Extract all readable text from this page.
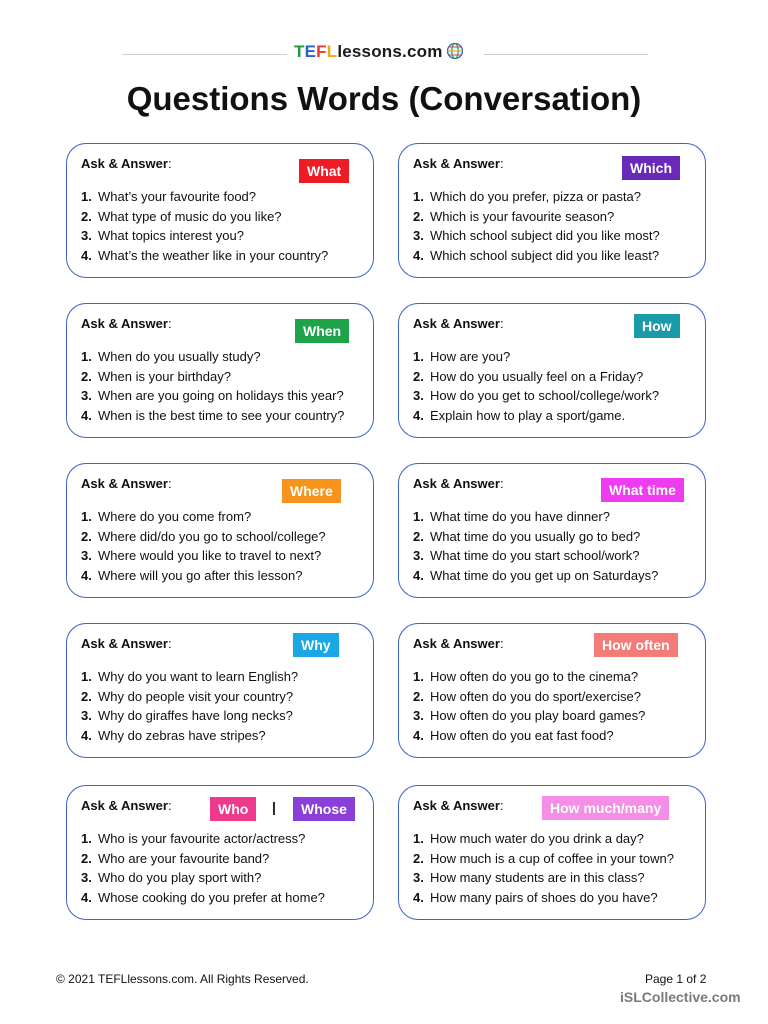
TEFLlessons.com
Questions Words (Conversation)
Ask & Answer:	What
1. What’s your favourite food?
2. What type of music do you like?
3. What topics interest you?
4. What’s the weather like in your country?
Ask & Answer:	Which
1. Which do you prefer, pizza or pasta?
2. Which is your favourite season?
3. Which school subject did you like most?
4. Which school subject did you like least?
Ask & Answer:	When
1. When do you usually study?
2. When is your birthday?
3. When are you going on holidays this year?
4. When is the best time to see your country?
Ask & Answer:	How
1. How are you?
2. How do you usually feel on a Friday?
3. How do you get to school/college/work?
4. Explain how to play a sport/game.
Ask & Answer:	Where
1. Where do you come from?
2. Where did/do you go to school/college?
3. Where would you like to travel to next?
4. Where will you go after this lesson?
Ask & Answer:	What time
1. What time do you have dinner?
2. What time do you usually go to bed?
3. What time do you start school/work?
4. What time do you get up on Saturdays?
Ask & Answer:	Why
1. Why do you want to learn English?
2. Why do people visit your country?
3. Why do giraffes have long necks?
4. Why do zebras have stripes?
Ask & Answer:	How often
1. How often do you go to the cinema?
2. How often do you do sport/exercise?
3. How often do you play board games?
4. How often do you eat fast food?
Ask & Answer:	Who	|	Whose
1. Who is your favourite actor/actress?
2. Who are your favourite band?
3. Who do you play sport with?
4. Whose cooking do you prefer at home?
Ask & Answer:	How much/many
1. How much water do you drink a day?
2. How much is a cup of coffee in your town?
3. How many students are in this class?
4. How many pairs of shoes do you have?
© 2021 TEFLlessons.com. All Rights Reserved.	Page 1 of 2
iSLCollective.com
